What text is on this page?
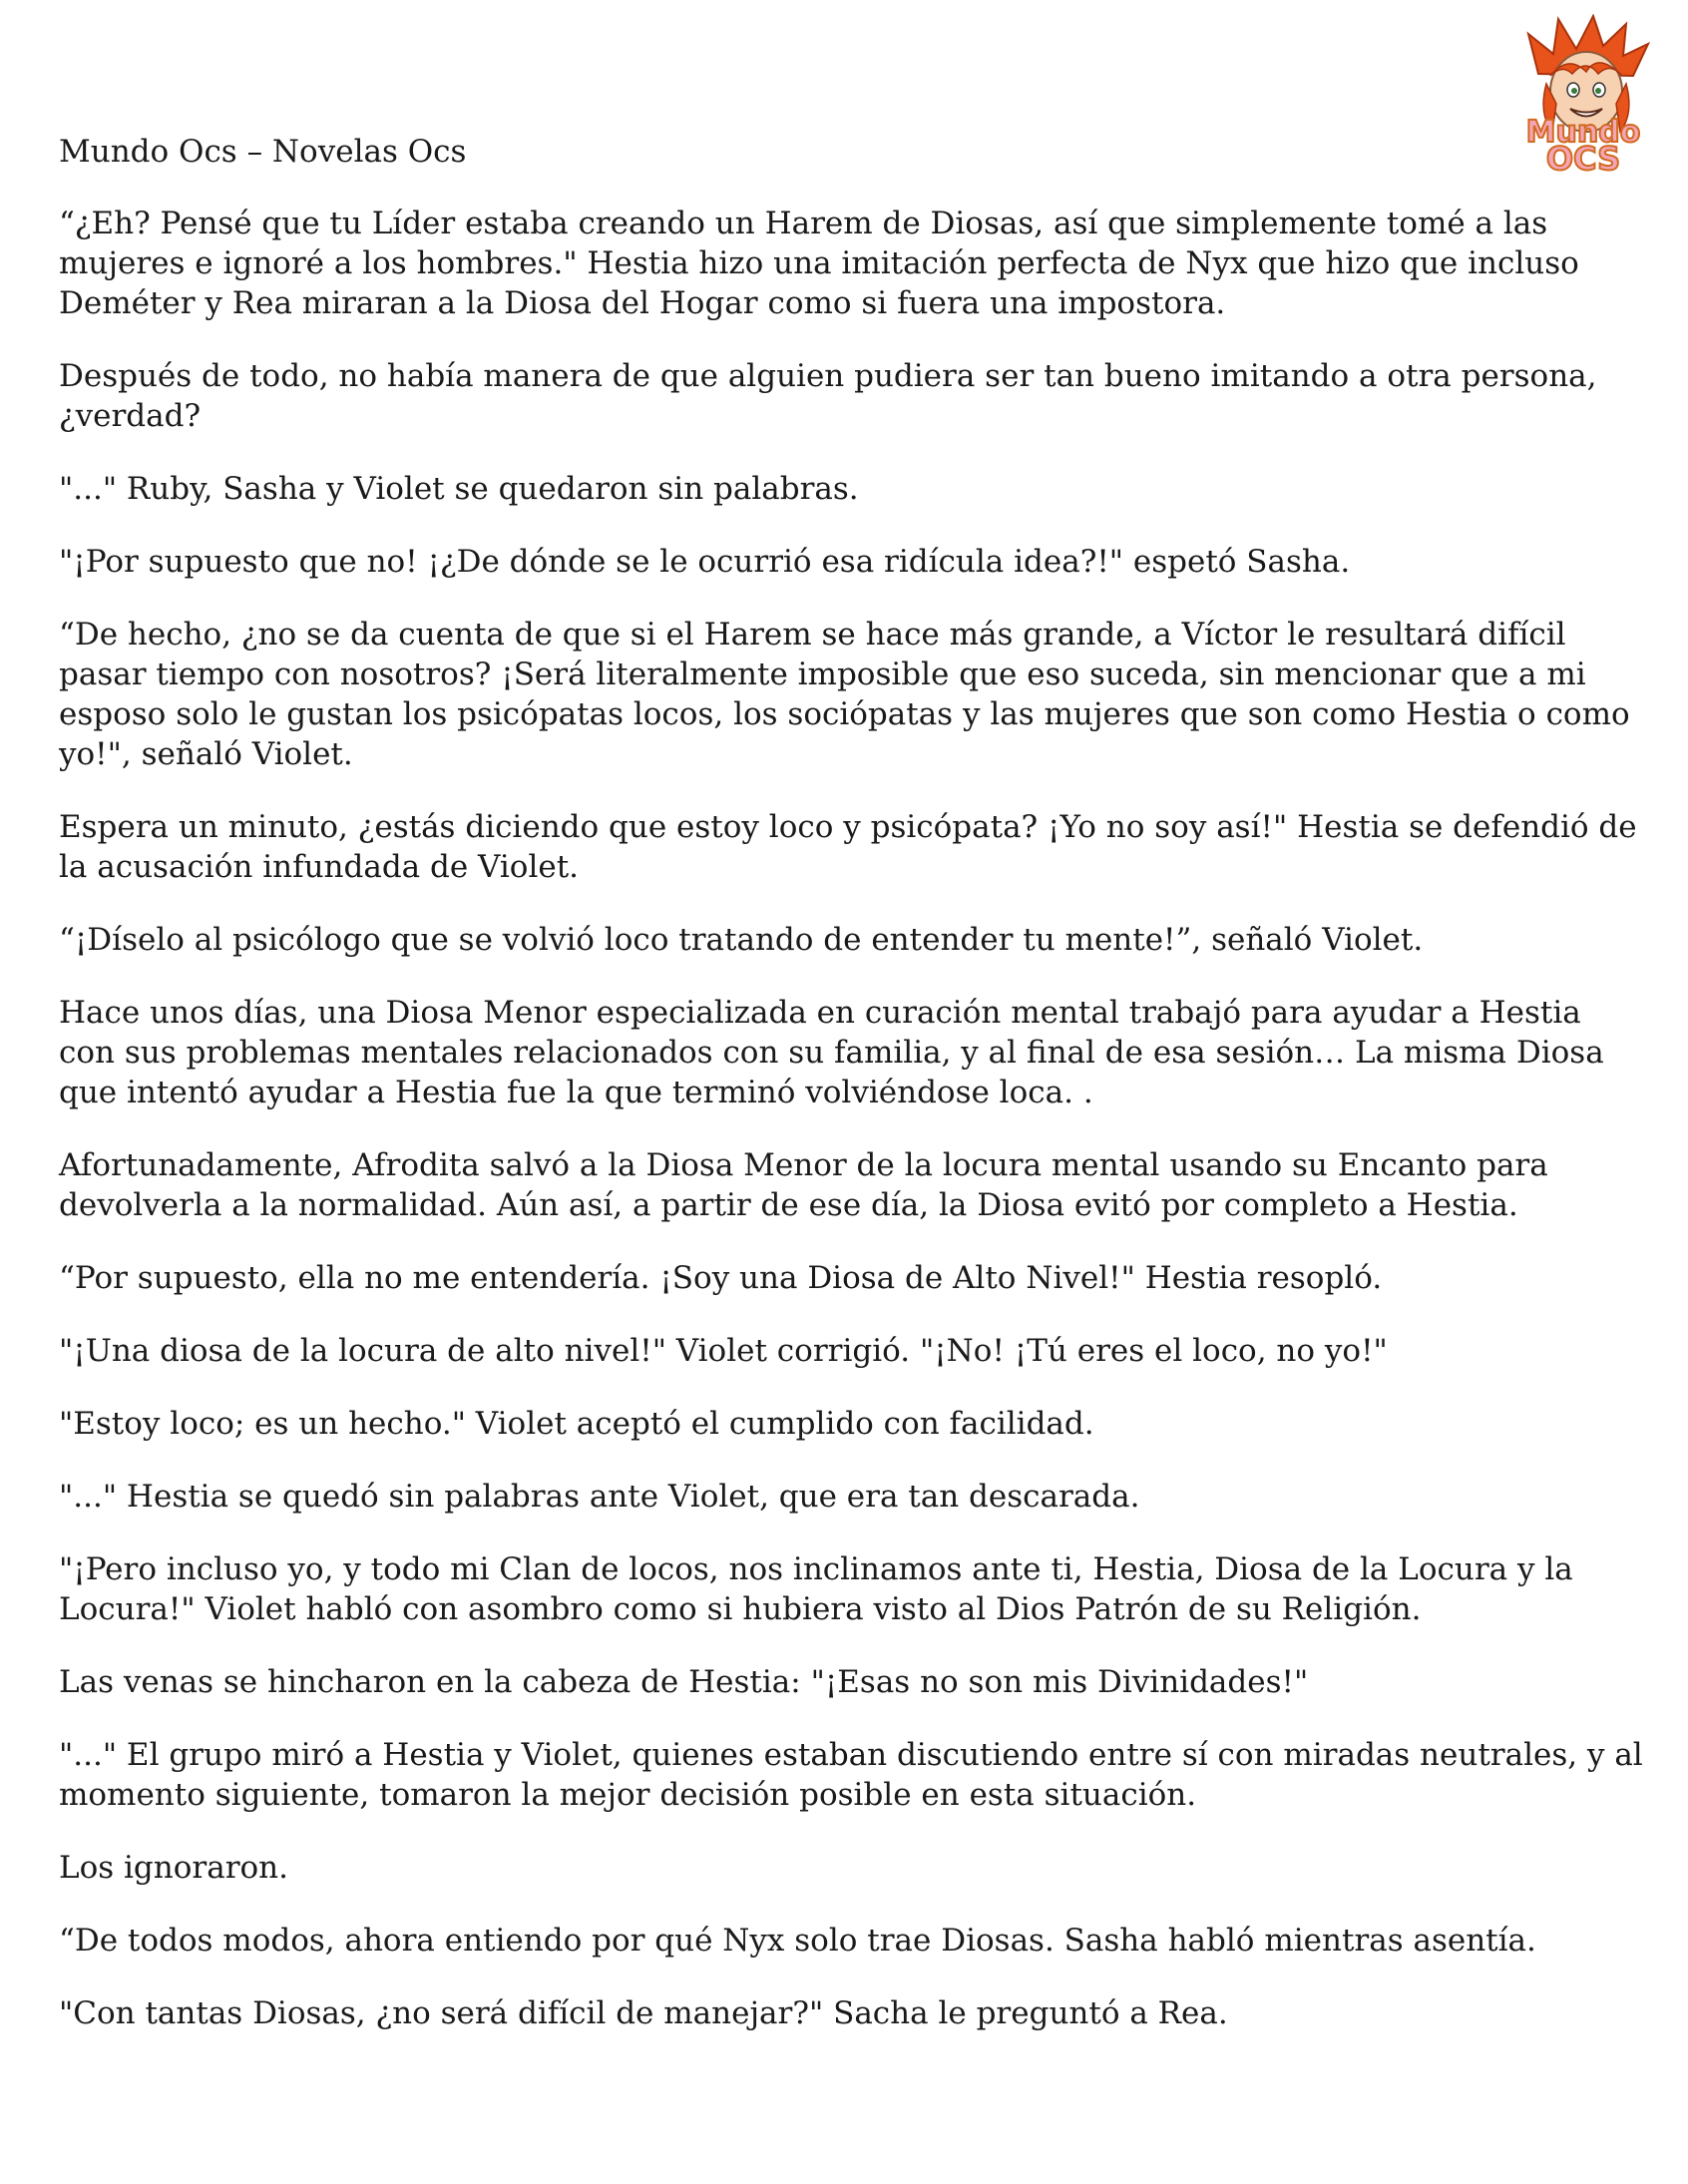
Mundo
OCS
Mundo Ocs – Novelas Ocs

“¿Eh? Pensé que tu Líder estaba creando un Harem de Diosas, así que simplemente tomé a las mujeres e ignoré a los hombres." Hestia hizo una imitación perfecta de Nyx que hizo que incluso Deméter y Rea miraran a la Diosa del Hogar como si fuera una impostora.

Después de todo, no había manera de que alguien pudiera ser tan bueno imitando a otra persona, ¿verdad?

"..." Ruby, Sasha y Violet se quedaron sin palabras.

"¡Por supuesto que no! ¡¿De dónde se le ocurrió esa ridícula idea?!" espetó Sasha.

“De hecho, ¿no se da cuenta de que si el Harem se hace más grande, a Víctor le resultará difícil pasar tiempo con nosotros? ¡Será literalmente imposible que eso suceda, sin mencionar que a mi esposo solo le gustan los psicópatas locos, los sociópatas y las mujeres que son como Hestia o como yo!", señaló Violet.

Espera un minuto, ¿estás diciendo que estoy loco y psicópata? ¡Yo no soy así!" Hestia se defendió de la acusación infundada de Violet.

“¡Díselo al psicólogo que se volvió loco tratando de entender tu mente!”, señaló Violet.

Hace unos días, una Diosa Menor especializada en curación mental trabajó para ayudar a Hestia con sus problemas mentales relacionados con su familia, y al final de esa sesión… La misma Diosa que intentó ayudar a Hestia fue la que terminó volviéndose loca. .

Afortunadamente, Afrodita salvó a la Diosa Menor de la locura mental usando su Encanto para devolverla a la normalidad. Aún así, a partir de ese día, la Diosa evitó por completo a Hestia.

“Por supuesto, ella no me entendería. ¡Soy una Diosa de Alto Nivel!" Hestia resopló.

"¡Una diosa de la locura de alto nivel!" Violet corrigió. "¡No! ¡Tú eres el loco, no yo!"

"Estoy loco; es un hecho." Violet aceptó el cumplido con facilidad.

"..." Hestia se quedó sin palabras ante Violet, que era tan descarada.

"¡Pero incluso yo, y todo mi Clan de locos, nos inclinamos ante ti, Hestia, Diosa de la Locura y la Locura!" Violet habló con asombro como si hubiera visto al Dios Patrón de su Religión.

Las venas se hincharon en la cabeza de Hestia: "¡Esas no son mis Divinidades!"

"..." El grupo miró a Hestia y Violet, quienes estaban discutiendo entre sí con miradas neutrales, y al momento siguiente, tomaron la mejor decisión posible en esta situación.

Los ignoraron.

“De todos modos, ahora entiendo por qué Nyx solo trae Diosas. Sasha habló mientras asentía.

"Con tantas Diosas, ¿no será difícil de manejar?" Sacha le preguntó a Rea.
